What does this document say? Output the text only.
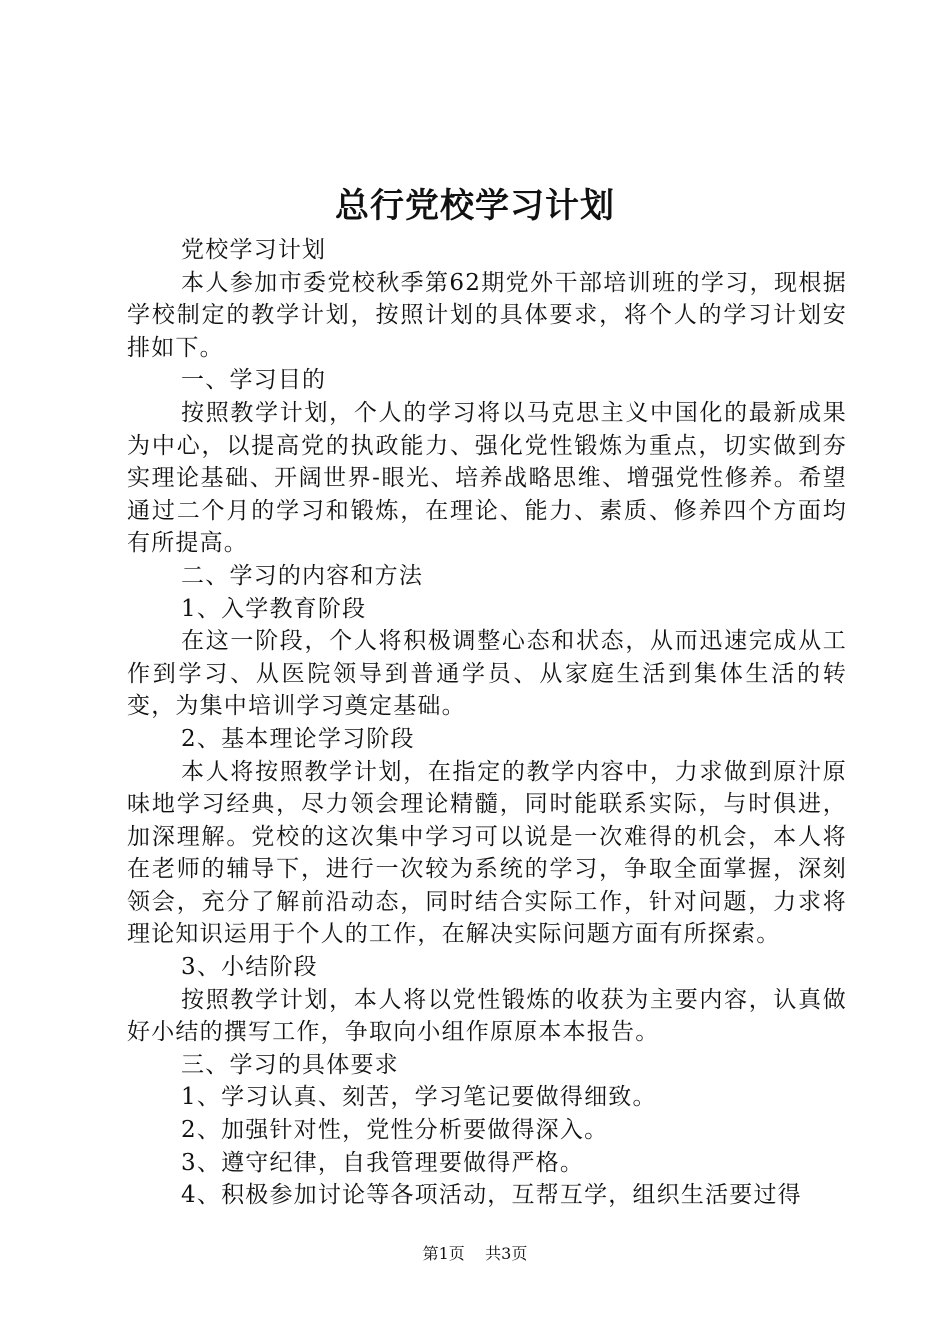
总行党校学习计划

党校学习计划

本人参加市委党校秋季第62期党外干部培训班的学习，现根据学校制定的教学计划，按照计划的具体要求，将个人的学习计划安排如下。

一、学习目的

按照教学计划，个人的学习将以马克思主义中国化的最新成果为中心，以提高党的执政能力、强化党性锻炼为重点，切实做到夯实理论基础、开阔世界-眼光、培养战略思维、增强党性修养。希望通过二个月的学习和锻炼，在理论、能力、素质、修养四个方面均有所提高。

二、学习的内容和方法

1、入学教育阶段

在这一阶段，个人将积极调整心态和状态，从而迅速完成从工作到学习、从医院领导到普通学员、从家庭生活到集体生活的转变，为集中培训学习奠定基础。

2、基本理论学习阶段

本人将按照教学计划，在指定的教学内容中，力求做到原汁原味地学习经典，尽力领会理论精髓，同时能联系实际，与时俱进，加深理解。党校的这次集中学习可以说是一次难得的机会，本人将在老师的辅导下，进行一次较为系统的学习，争取全面掌握，深刻领会，充分了解前沿动态，同时结合实际工作，针对问题，力求将理论知识运用于个人的工作，在解决实际问题方面有所探索。

3、小结阶段

按照教学计划，本人将以党性锻炼的收获为主要内容，认真做好小结的撰写工作，争取向小组作原原本本报告。

三、学习的具体要求

1、学习认真、刻苦，学习笔记要做得细致。

2、加强针对性，党性分析要做得深入。

3、遵守纪律，自我管理要做得严格。

4、积极参加讨论等各项活动，互帮互学，组织生活要过得

第1页 共3页
